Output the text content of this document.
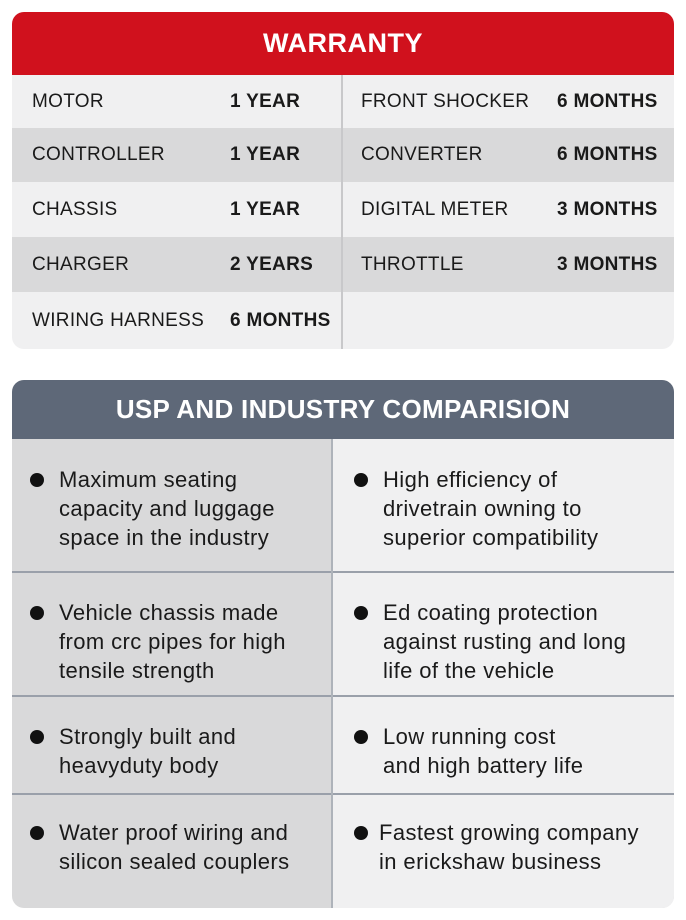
WARRANTY
MOTOR	1 YEAR	FRONT SHOCKER 6 MONTHS
CONTROLLER	1 YEAR	CONVERTER	6 MONTHS
CHASSIS	1 YEAR	DIGITAL METER	3 MONTHS
CHARGER	2 YEARS	THROTTLE	3 MONTHS
WIRING HARNESS 6 MONTHS
USP AND INDUSTRY COMPARISION
Maximum seating
capacity and luggage
space in the industry
High efficiency of
drivetrain owning to
superior compatibility
Vehicle chassis made
from crc pipes for high
tensile strength
Ed coating protection
against rusting and long
life of the vehicle
Strongly built and
heavyduty body
Low running cost
and high battery life
Water proof wiring and
silicon sealed couplers
Fastest growing company
in erickshaw business
